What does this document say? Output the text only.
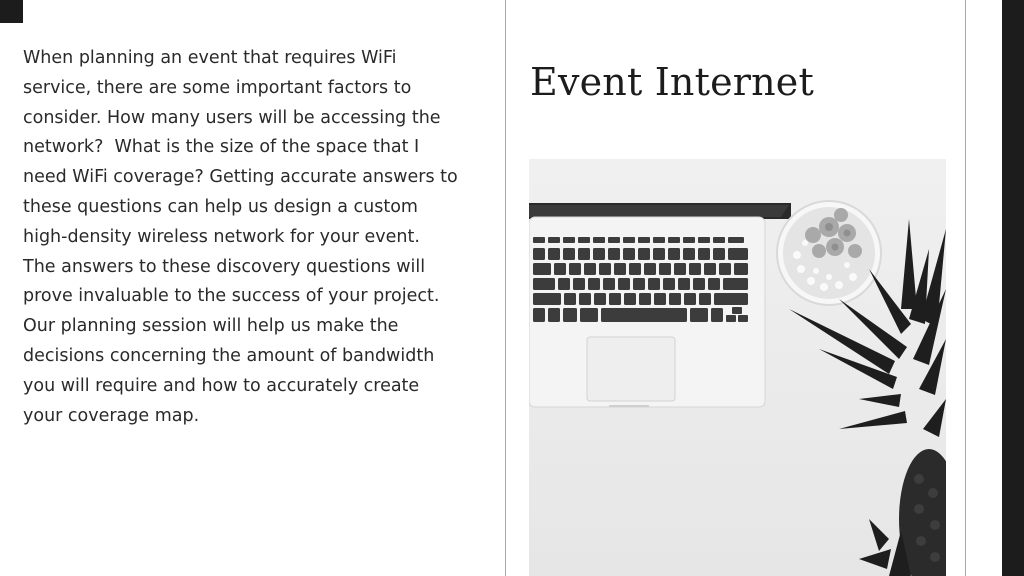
When planning an event that requires WiFi
service, there are some important factors to
consider. How many users will be accessing the
network?  What is the size of the space that I
need WiFi coverage? Getting accurate answers to
these questions can help us design a custom
high-density wireless network for your event.
The answers to these discovery questions will
prove invaluable to the success of your project.
Our planning session will help us make the
decisions concerning the amount of bandwidth
you will require and how to accurately create
your coverage map.

Event Internet
